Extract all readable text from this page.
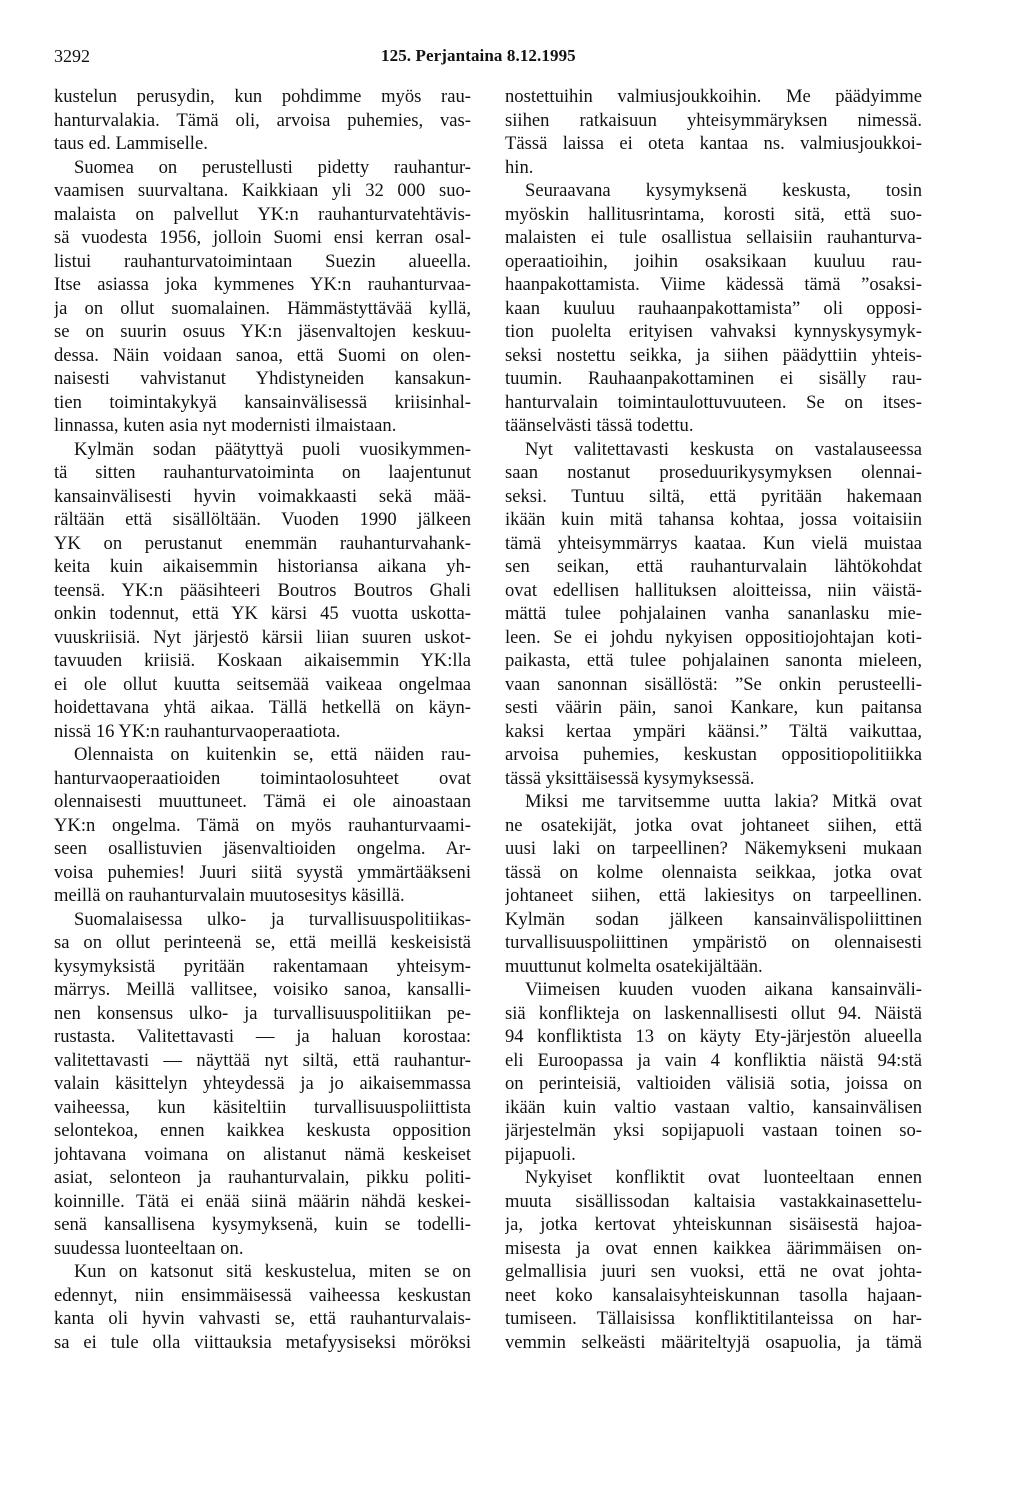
3292	125. Perjantaina 8.12.1995
kustelun perusydin, kun pohdimme myös rau-
hanturvalakia. Tämä oli, arvoisa puhemies, vas-
taus ed. Lammiselle.
Suomea on perustellusti pidetty rauhantur-
vaamisen suurvaltana. Kaikkiaan yli 32 000 suo-
malaista on palvellut YK:n rauhanturvatehtävis-
sä vuodesta 1956, jolloin Suomi ensi kerran osal-
listui rauhanturvatoimintaan Suezin alueella.
Itse asiassa joka kymmenes YK:n rauhanturvaa-
ja on ollut suomalainen. Hämmästyttävää kyllä,
se on suurin osuus YK:n jäsenvaltojen keskuu-
dessa. Näin voidaan sanoa, että Suomi on olen-
naisesti vahvistanut Yhdistyneiden kansakun-
tien toimintakykyä kansainvälisessä kriisinhal-
linnassa, kuten asia nyt modernisti ilmaistaan.
Kylmän sodan päätyttyä puoli vuosikymmen-
tä sitten rauhanturvatoiminta on laajentunut
kansainvälisesti hyvin voimakkaasti sekä mää-
rältään että sisällöltään. Vuoden 1990 jälkeen
YK on perustanut enemmän rauhanturvahank-
keita kuin aikaisemmin historiansa aikana yh-
teensä. YK:n pääsihteeri Boutros Boutros Ghali
onkin todennut, että YK kärsi 45 vuotta uskotta-
vuuskriisiä. Nyt järjestö kärsii liian suuren uskot-
tavuuden kriisiä. Koskaan aikaisemmin YK:lla
ei ole ollut kuutta seitsemää vaikeaa ongelmaa
hoidettavana yhtä aikaa. Tällä hetkellä on käyn-
nissä 16 YK:n rauhanturvaoperaatiota.
Olennaista on kuitenkin se, että näiden rau-
hanturvaoperaatioiden toimintaolosuhteet ovat
olennaisesti muuttuneet. Tämä ei ole ainoastaan
YK:n ongelma. Tämä on myös rauhanturvaami-
seen osallistuvien jäsenvaltioiden ongelma. Ar-
voisa puhemies! Juuri siitä syystä ymmärtääkseni
meillä on rauhanturvalain muutosesitys käsillä.
Suomalaisessa ulko- ja turvallisuuspolitiikas-
sa on ollut perinteenä se, että meillä keskeisistä
kysymyksistä pyritään rakentamaan yhteisym-
märrys. Meillä vallitsee, voisiko sanoa, kansalli-
nen konsensus ulko- ja turvallisuuspolitiikan pe-
rustasta. Valitettavasti — ja haluan korostaa:
valitettavasti — näyttää nyt siltä, että rauhantur-
valain käsittelyn yhteydessä ja jo aikaisemmassa
vaiheessa, kun käsiteltiin turvallisuuspoliittista
selontekoa, ennen kaikkea keskusta opposition
johtavana voimana on alistanut nämä keskeiset
asiat, selonteon ja rauhanturvalain, pikku politi-
koinnille. Tätä ei enää siinä määrin nähdä keskei-
senä kansallisena kysymyksenä, kuin se todelli-
suudessa luonteeltaan on.
Kun on katsonut sitä keskustelua, miten se on
edennyt, niin ensimmäisessä vaiheessa keskustan
kanta oli hyvin vahvasti se, että rauhanturvalais-
sa ei tule olla viittauksia metafyysiseksi möröksi
nostettuihin valmiusjoukkoihin. Me päädyimme
siihen ratkaisuun yhteisymmäryksen nimessä.
Tässä laissa ei oteta kantaa ns. valmiusjoukkoi-
hin.
Seuraavana kysymyksenä keskusta, tosin
myöskin hallitusrintama, korosti sitä, että suo-
malaisten ei tule osallistua sellaisiin rauhanturva-
operaatioihin, joihin osaksikaan kuuluu rau-
haanpakottamista. Viime kädessä tämä ”osaksi-
kaan kuuluu rauhaanpakottamista” oli opposi-
tion puolelta erityisen vahvaksi kynnyskysymyk-
seksi nostettu seikka, ja siihen päädyttiin yhteis-
tuumin. Rauhaanpakottaminen ei sisälly rau-
hanturvalain toimintaulottuvuuteen. Se on itses-
täänselvästi tässä todettu.
Nyt valitettavasti keskusta on vastalauseessa
saan nostanut proseduurikysymyksen olennai-
seksi. Tuntuu siltä, että pyritään hakemaan
ikään kuin mitä tahansa kohtaa, jossa voitaisiin
tämä yhteisymmärrys kaataa. Kun vielä muistaa
sen seikan, että rauhanturvalain lähtökohdat
ovat edellisen hallituksen aloitteissa, niin väistä-
mättä tulee pohjalainen vanha sananlasku mie-
leen. Se ei johdu nykyisen oppositiojohtajan koti-
paikasta, että tulee pohjalainen sanonta mieleen,
vaan sanonnan sisällöstä: ”Se onkin perusteelli-
sesti väärin päin, sanoi Kankare, kun paitansa
kaksi kertaa ympäri käänsi.” Tältä vaikuttaa,
arvoisa puhemies, keskustan oppositiopolitiikka
tässä yksittäisessä kysymyksessä.
Miksi me tarvitsemme uutta lakia? Mitkä ovat
ne osatekijät, jotka ovat johtaneet siihen, että
uusi laki on tarpeellinen? Näkemykseni mukaan
tässä on kolme olennaista seikkaa, jotka ovat
johtaneet siihen, että lakiesitys on tarpeellinen.
Kylmän sodan jälkeen kansainvälispoliittinen
turvallisuuspoliittinen ympäristö on olennaisesti
muuttunut kolmelta osatekijältään.
Viimeisen kuuden vuoden aikana kansainväli-
siä konflikteja on laskennallisesti ollut 94. Näistä
94 konfliktista 13 on käyty Ety-järjestön alueella
eli Euroopassa ja vain 4 konfliktia näistä 94:stä
on perinteisiä, valtioiden välisiä sotia, joissa on
ikään kuin valtio vastaan valtio, kansainvälisen
järjestelmän yksi sopijapuoli vastaan toinen so-
pijapuoli.
Nykyiset konfliktit ovat luonteeltaan ennen
muuta sisällissodan kaltaisia vastakkainasettelu-
ja, jotka kertovat yhteiskunnan sisäisestä hajoa-
misesta ja ovat ennen kaikkea äärimmäisen on-
gelmallisia juuri sen vuoksi, että ne ovat johta-
neet koko kansalaisyhteiskunnan tasolla hajaan-
tumiseen. Tällaisissa konfliktitilanteissa on har-
vemmin selkeästi määriteltyjä osapuolia, ja tämä
